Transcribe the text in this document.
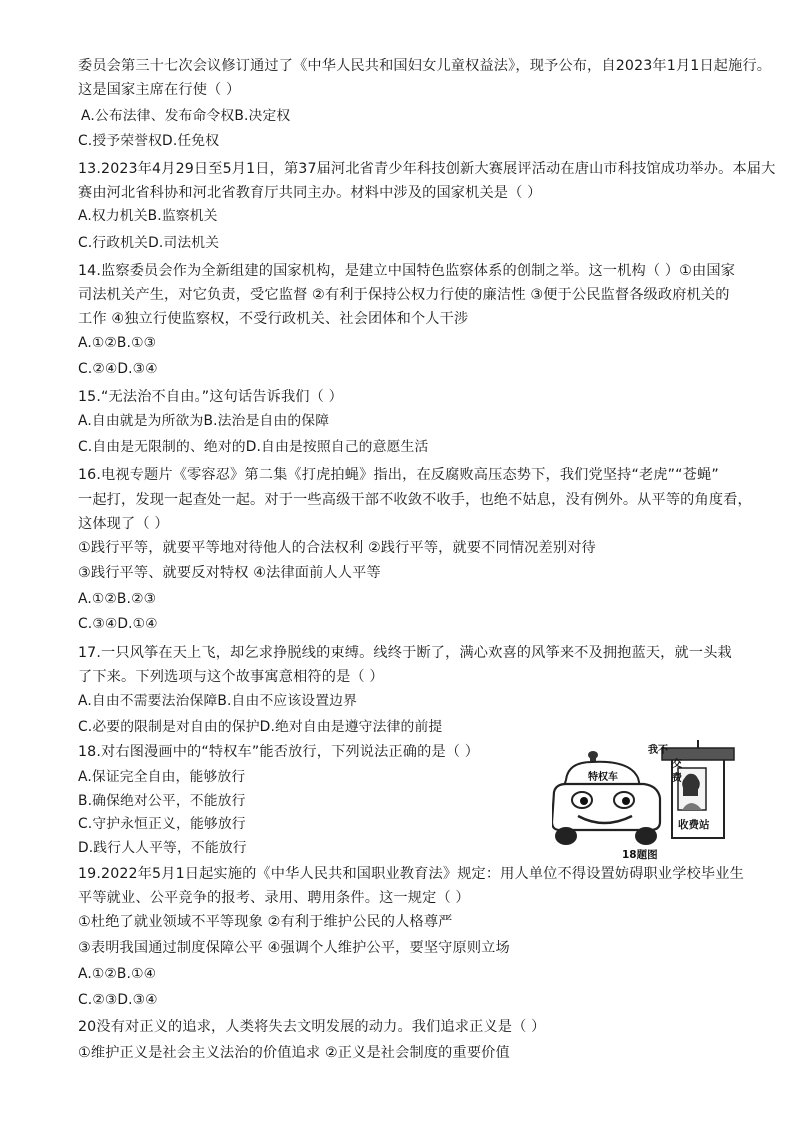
委员会第三十七次会议修订通过了《中华人民共和国妇女儿童权益法》，现予公布，自2023年1月1日起施行。
这是国家主席在行使（ ）
A.公布法律、发布命令权B.决定权
C.授予荣誉权D.任免权
13.2023年4月29日至5月1日，第37届河北省青少年科技创新大赛展评活动在唐山市科技馆成功举办。本届大
赛由河北省科协和河北省教育厅共同主办。材料中涉及的国家机关是（ ）
A.权力机关B.监察机关
C.行政机关D.司法机关
14.监察委员会作为全新组建的国家机构，是建立中国特色监察体系的创制之举。这一机构（ ）①由国家
司法机关产生，对它负责，受它监督 ②有利于保持公权力行使的廉洁性 ③便于公民监督各级政府机关的
工作 ④独立行使监察权，不受行政机关、社会团体和个人干涉
A.①②B.①③
C.②④D.③④
15.“无法治不自由。”这句话告诉我们（ ）
A.自由就是为所欲为B.法治是自由的保障
C.自由是无限制的、绝对的D.自由是按照自己的意愿生活
16.电视专题片《零容忍》第二集《打虎拍蝇》指出，在反腐败高压态势下，我们党坚持“老虎”“苍蝇”
一起打，发现一起查处一起。对于一些高级干部不收敛不收手，也绝不姑息，没有例外。从平等的角度看，
这体现了（ ）
①践行平等，就要平等地对待他人的合法权利 ②践行平等，就要不同情况差别对待
③践行平等、就要反对特权 ④法律面前人人平等
A.①②B.②③
C.③④D.①④
17.一只风筝在天上飞，却乞求挣脱线的束缚。线终于断了，满心欢喜的风筝来不及拥抱蓝天，就一头栽
了下来。下列选项与这个故事寓意相符的是（ ）
A.自由不需要法治保障B.自由不应该设置边界
C.必要的限制是对自由的保护D.绝对自由是遵守法律的前提
18.对右图漫画中的“特权车”能否放行，下列说法正确的是（ ）
A.保证完全自由，能够放行
B.确保绝对公平，不能放行
C.守护永恒正义，能够放行
D.践行人人平等，不能放行
19.2022年5月1日起实施的《中华人民共和国职业教育法》规定：用人单位不得设置妨碍职业学校毕业生
平等就业、公平竞争的报考、录用、聘用条件。这一规定（ ）
①杜绝了就业领域不平等现象 ②有利于维护公民的人格尊严
③表明我国通过制度保障公平 ④强调个人维护公平，要坚守原则立场
A.①②B.①④
C.②③D.③④
20没有对正义的追求，人类将失去文明发展的动力。我们追求正义是（ ）
①维护正义是社会主义法治的价值追求 ②正义是社会制度的重要价值
我不
交
费
收费站
特权车
18题图
